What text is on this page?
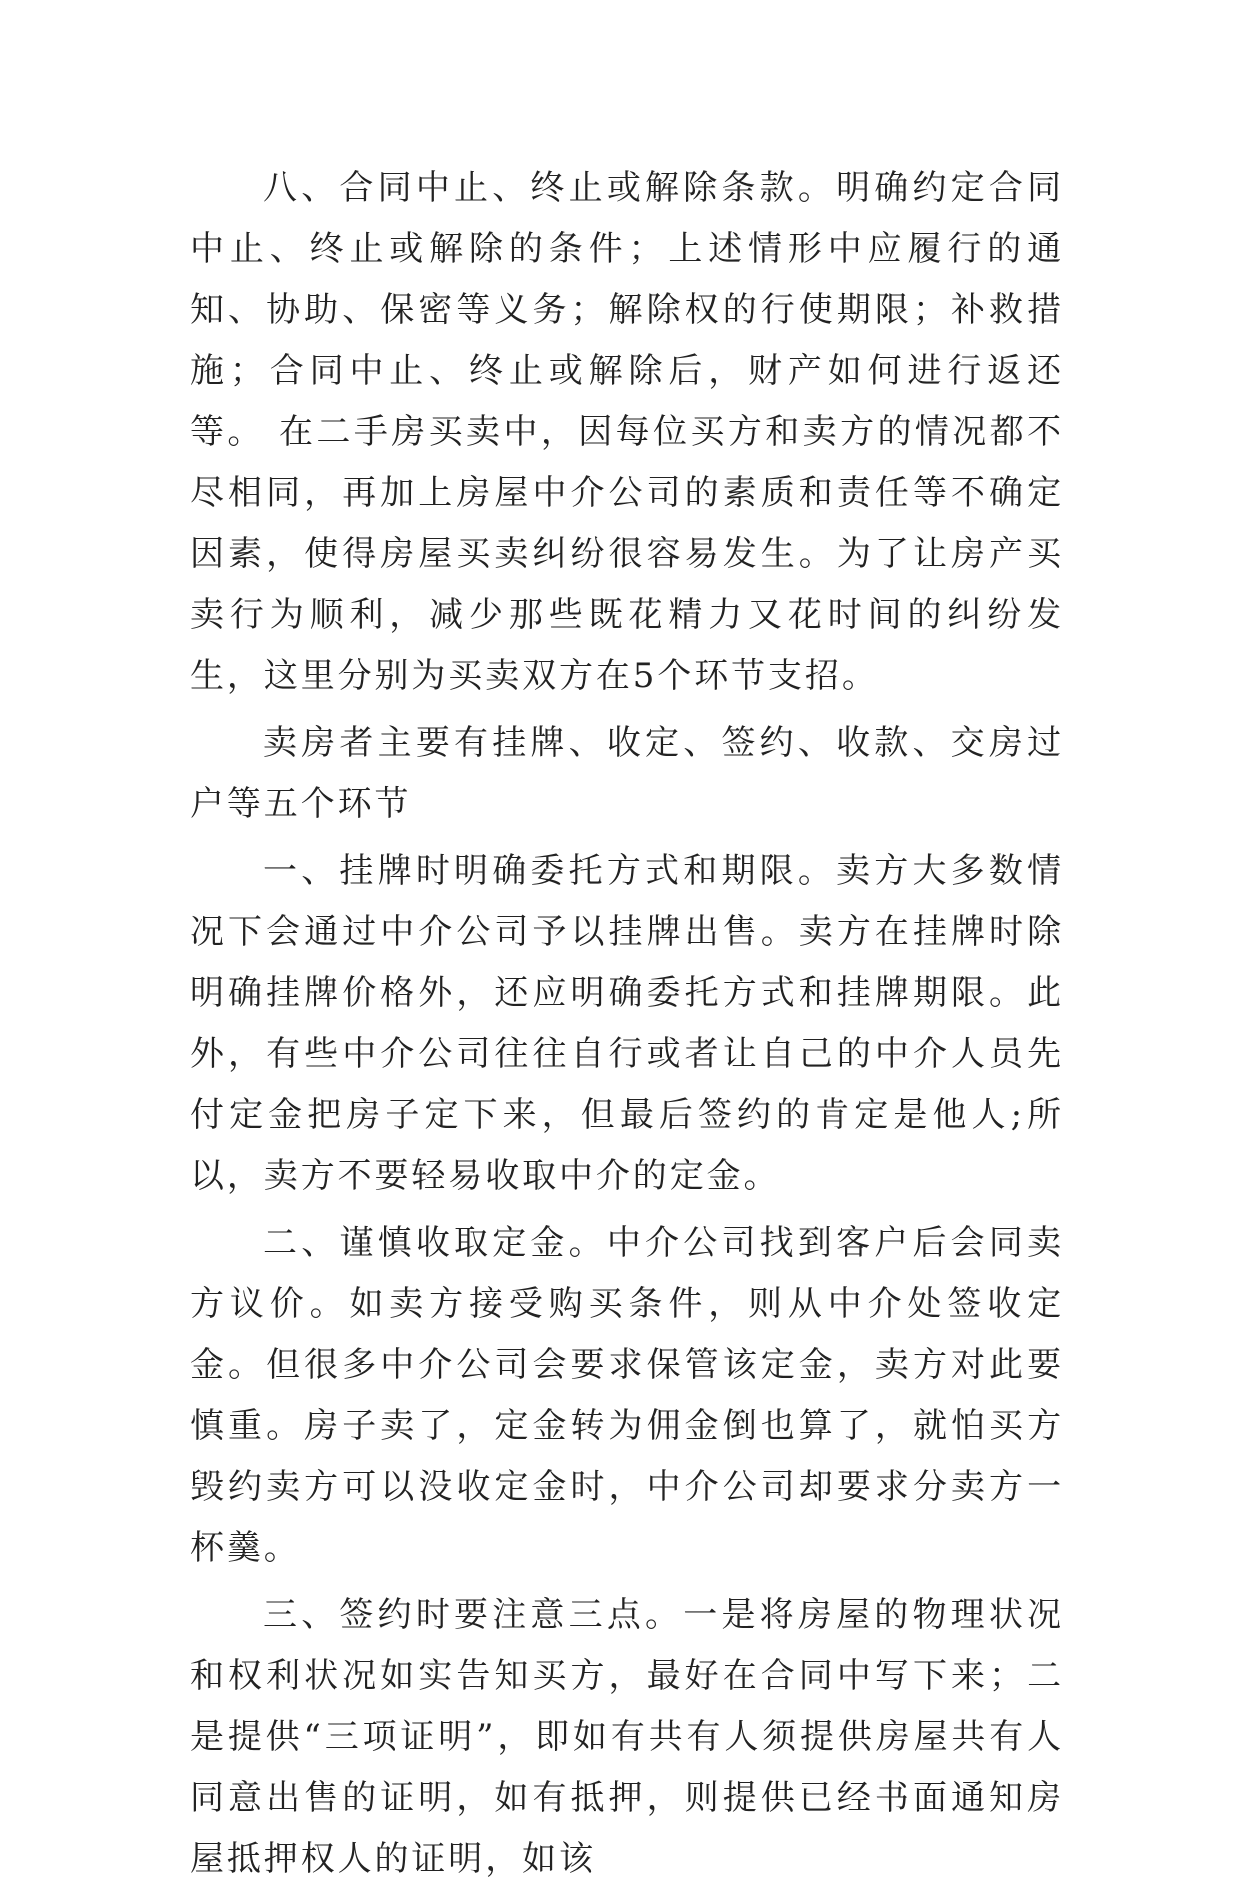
八、合同中止、终止或解除条款。明确约定合同中止、终止或解除的条件；上述情形中应履行的通知、协助、保密等义务；解除权的行使期限；补救措施；合同中止、终止或解除后，财产如何进行返还等。 在二手房买卖中，因每位买方和卖方的情况都不尽相同，再加上房屋中介公司的素质和责任等不确定因素，使得房屋买卖纠纷很容易发生。为了让房产买卖行为顺利，减少那些既花精力又花时间的纠纷发生，这里分别为买卖双方在5个环节支招。

卖房者主要有挂牌、收定、签约、收款、交房过户等五个环节

一、挂牌时明确委托方式和期限。卖方大多数情况下会通过中介公司予以挂牌出售。卖方在挂牌时除明确挂牌价格外，还应明确委托方式和挂牌期限。此外，有些中介公司往往自行或者让自己的中介人员先付定金把房子定下来，但最后签约的肯定是他人;所以，卖方不要轻易收取中介的定金。

二、谨慎收取定金。中介公司找到客户后会同卖方议价。如卖方接受购买条件，则从中介处签收定金。但很多中介公司会要求保管该定金，卖方对此要慎重。房子卖了，定金转为佣金倒也算了，就怕买方毁约卖方可以没收定金时，中介公司却要求分卖方一杯羹。

三、签约时要注意三点。一是将房屋的物理状况和权利状况如实告知买方，最好在合同中写下来；二是提供“三项证明”，即如有共有人须提供房屋共有人同意出售的证明，如有抵押，则提供已经书面通知房屋抵押权人的证明，如该
